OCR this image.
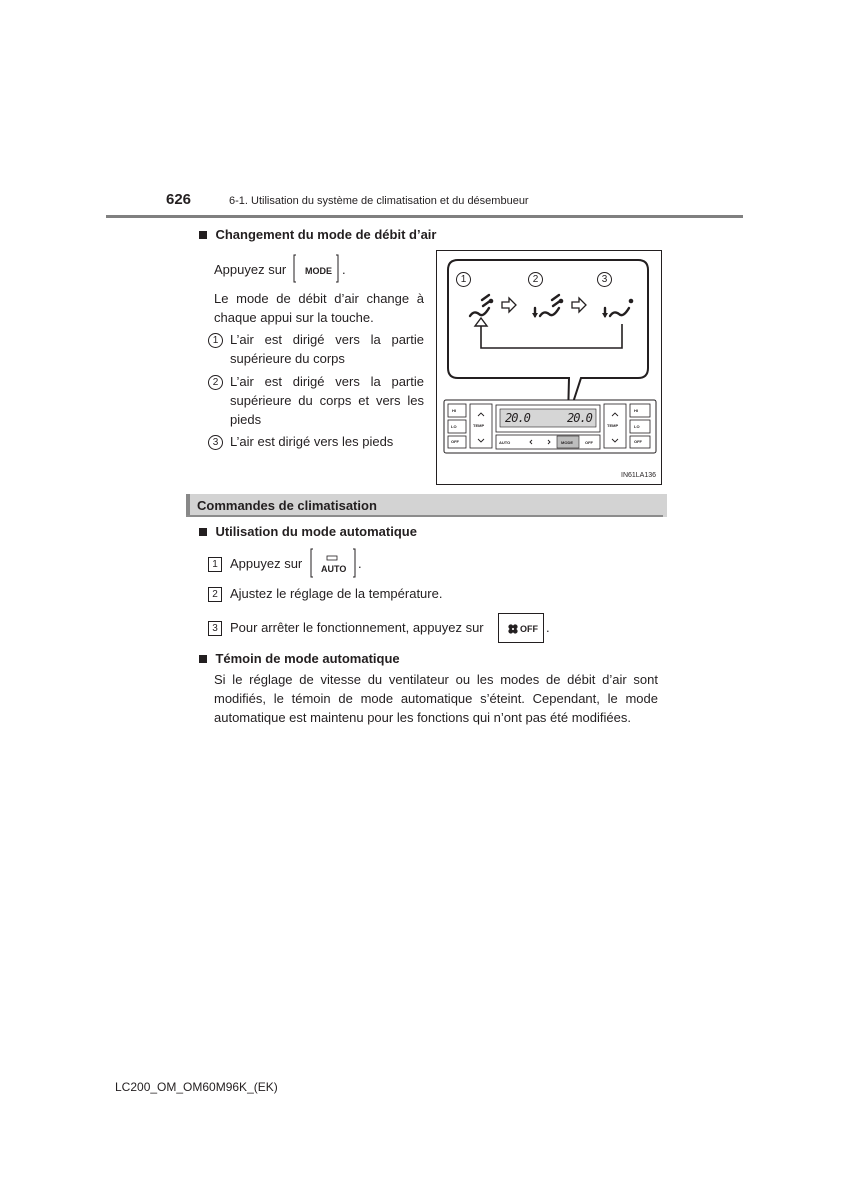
626	6-1. Utilisation du système de climatisation et du désembueur
Changement du mode de débit d’air
Appuyez sur MODE .
Le mode de débit d’air change à
chaque appui sur la touche.
1 L’air est dirigé vers la partie
supérieure du corps
2 L’air est dirigé vers la partie
supérieure du corps et vers les
pieds
3 L’air est dirigé vers les pieds
1	2	3
HI
LO
OFF
TEMP
20.0	20.0
AUTO	MODE	OFF
TEMP
HI
LO
OFF
IN61LA136
Commandes de climatisation
Utilisation du mode automatique
1 Appuyez sur AUTO .
2 Ajustez le réglage de la température.
3 Pour arrêter le fonctionnement, appuyez sur	OFF .
Témoin de mode automatique
Si le réglage de vitesse du ventilateur ou les modes de débit d’air sont
modifiés, le témoin de mode automatique s’éteint. Cependant, le mode
automatique est maintenu pour les fonctions qui n’ont pas été modifiées.
LC200_OM_OM60M96K_(EK)
